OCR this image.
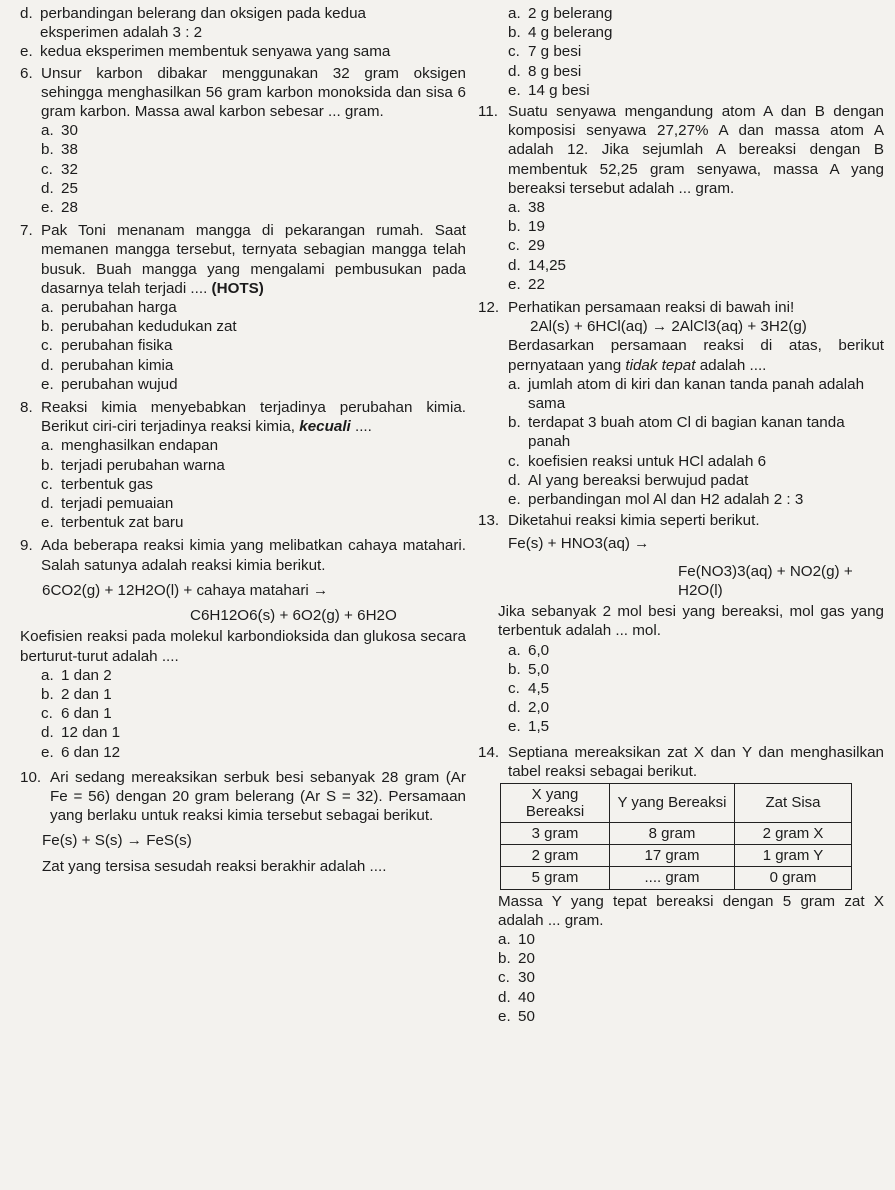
d. perbandingan belerang dan oksigen pada kedua eksperimen adalah 3 : 2
e. kedua eksperimen membentuk senyawa yang sama
6. Unsur karbon dibakar menggunakan 32 gram oksigen sehingga menghasilkan 56 gram karbon monoksida dan sisa 6 gram karbon. Massa awal karbon sebesar ... gram.
a. 30
b. 38
c. 32
d. 25
e. 28
7. Pak Toni menanam mangga di pekarangan rumah. Saat memanen mangga tersebut, ternyata sebagian mangga telah busuk. Buah mangga yang mengalami pembusukan pada dasarnya telah terjadi .... (HOTS)
a. perubahan harga
b. perubahan kedudukan zat
c. perubahan fisika
d. perubahan kimia
e. perubahan wujud
8. Reaksi kimia menyebabkan terjadinya perubahan kimia. Berikut ciri-ciri terjadinya reaksi kimia, kecuali ....
a. menghasilkan endapan
b. terjadi perubahan warna
c. terbentuk gas
d. terjadi pemuaian
e. terbentuk zat baru
9. Ada beberapa reaksi kimia yang melibatkan cahaya matahari. Salah satunya adalah reaksi kimia berikut.
6CO2(g) + 12H2O(l) + cahaya matahari →
C6H12O6(s) + 6O2(g) + 6H2O
Koefisien reaksi pada molekul karbondioksida dan glukosa secara berturut-turut adalah ....
a. 1 dan 2
b. 2 dan 1
c. 6 dan 1
d. 12 dan 1
e. 6 dan 12
10. Ari sedang mereaksikan serbuk besi sebanyak 28 gram (Ar Fe = 56) dengan 20 gram belerang (Ar S = 32). Persamaan yang berlaku untuk reaksi kimia tersebut sebagai berikut.
Fe(s) + S(s) → FeS(s)
Zat yang tersisa sesudah reaksi berakhir adalah ....
a. 2 g belerang
b. 4 g belerang
c. 7 g besi
d. 8 g besi
e. 14 g besi
11. Suatu senyawa mengandung atom A dan B dengan komposisi senyawa 27,27% A dan massa atom A adalah 12. Jika sejumlah A bereaksi dengan B membentuk 52,25 gram senyawa, massa A yang bereaksi tersebut adalah ... gram.
a. 38
b. 19
c. 29
d. 14,25
e. 22
12. Perhatikan persamaan reaksi di bawah ini!
2Al(s) + 6HCl(aq) → 2AlCl3(aq) + 3H2(g)
Berdasarkan persamaan reaksi di atas, berikut pernyataan yang tidak tepat adalah ....
a. jumlah atom di kiri dan kanan tanda panah adalah sama
b. terdapat 3 buah atom Cl di bagian kanan tanda panah
c. koefisien reaksi untuk HCl adalah 6
d. Al yang bereaksi berwujud padat
e. perbandingan mol Al dan H2 adalah 2 : 3
13. Diketahui reaksi kimia seperti berikut.
Fe(s) + HNO3(aq) →
Fe(NO3)3(aq) + NO2(g) + H2O(l)
Jika sebanyak 2 mol besi yang bereaksi, mol gas yang terbentuk adalah ... mol.
a. 6,0
b. 5,0
c. 4,5
d. 2,0
e. 1,5
14. Septiana mereaksikan zat X dan Y dan menghasilkan tabel reaksi sebagai berikut.
X yang Bereaksi	Y yang Bereaksi	Zat Sisa
3 gram	8 gram	2 gram X
2 gram	17 gram	1 gram Y
5 gram	.... gram	0 gram
Massa Y yang tepat bereaksi dengan 5 gram zat X adalah ... gram.
a. 10
b. 20
c. 30
d. 40
e. 50
